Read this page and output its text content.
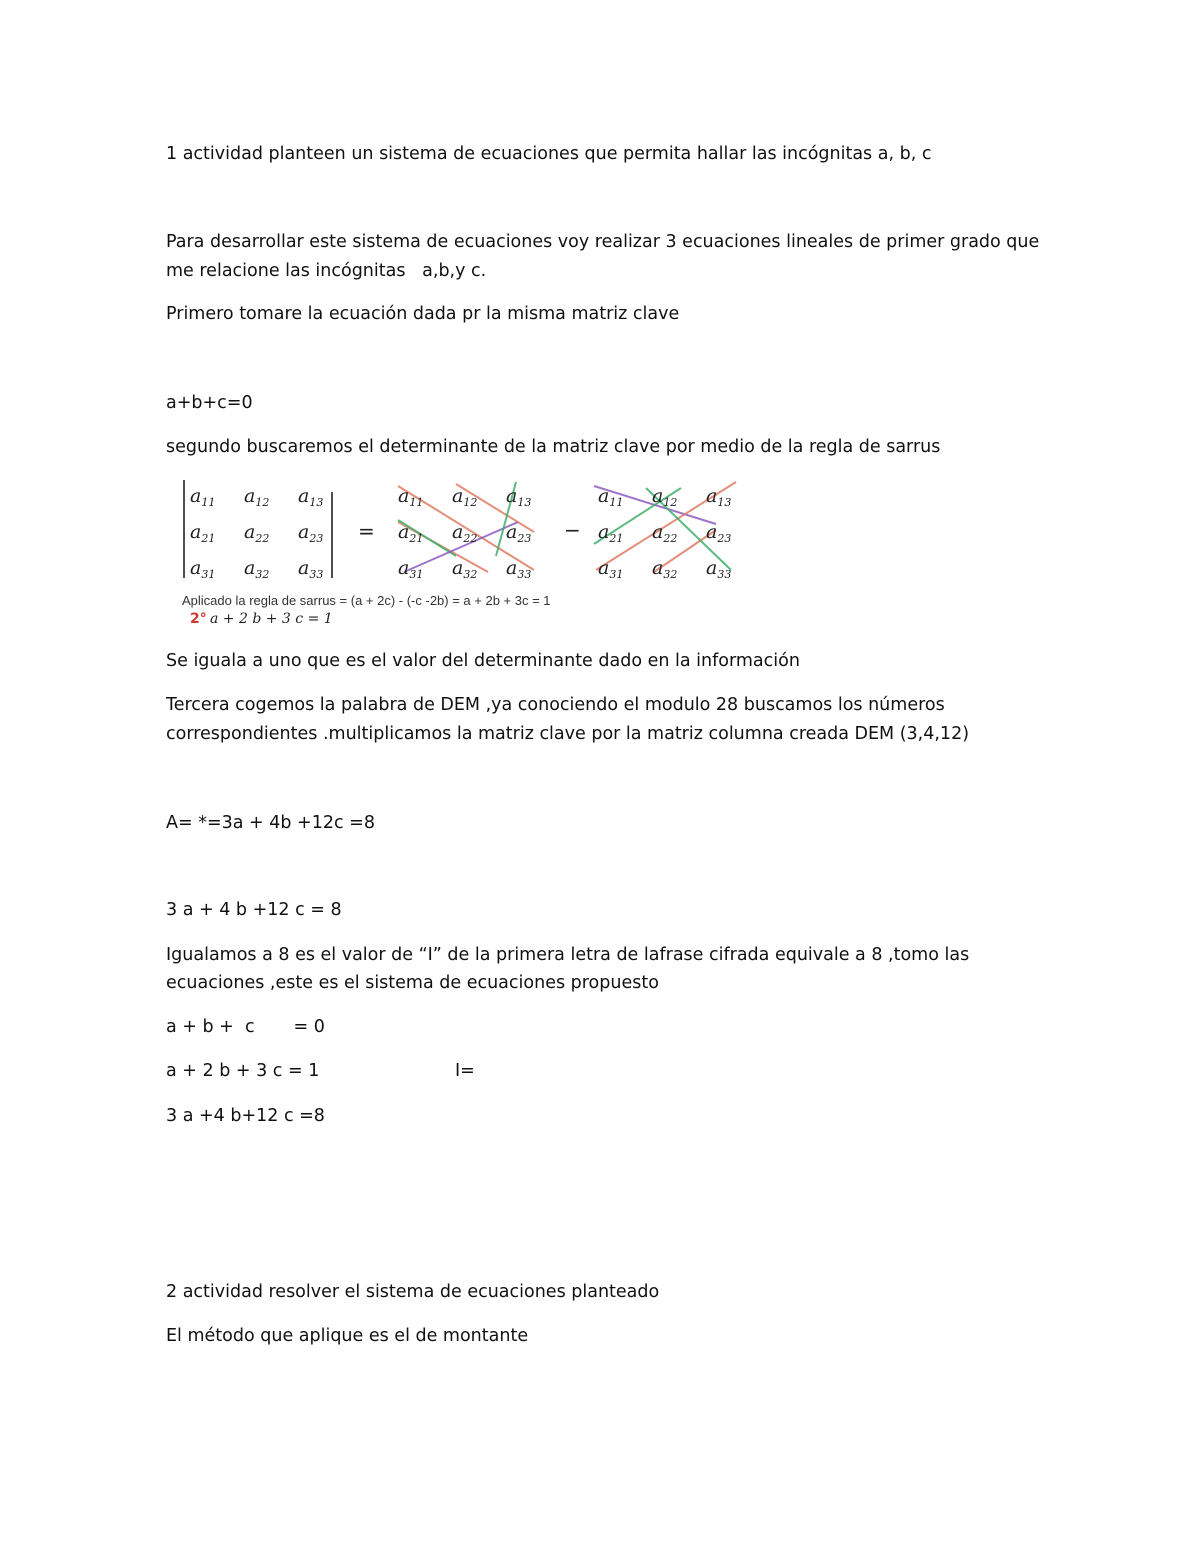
1 actividad planteen un sistema de ecuaciones que permita hallar las incógnitas a, b, c

Para desarrollar este sistema de ecuaciones voy realizar 3 ecuaciones lineales de primer grado que

me relacione las incógnitas   a,b,y c.

Primero tomare la ecuación dada pr la misma matriz clave

a+b+c=0

segundo buscaremos el determinante de la matriz clave por medio de la regla de sarrus

$a_{11}$ $a_{12}$ $a_{13}$
$a_{21}$ $a_{22}$ $a_{23}$
$a_{31}$ $a_{32}$ $a_{33}$
$a_{11}$ $a_{12}$ $a_{13}$
$a_{21}$ $a_{22}$ $a_{23}$
$a_{31}$ $a_{32}$ $a_{33}$
$a_{11}$ $a_{12}$ $a_{13}$
$a_{21}$ $a_{22}$ $a_{23}$
$a_{31}$ $a_{32}$ $a_{33}$
=	−
Aplicado la regla de sarrus = (a + 2c) - (-c -2b) = a + 2b + 3c = 1
2° a + 2 b + 3 c = 1

Se iguala a uno que es el valor del determinante dado en la información

Tercera cogemos la palabra de DEM ,ya conociendo el modulo 28 buscamos los números

correspondientes .multiplicamos la matriz clave por la matriz columna creada DEM (3,4,12)

A= *=3a + 4b +12c =8

3 a + 4 b +12 c = 8

Igualamos a 8 es el valor de “I” de la primera letra de lafrase cifrada equivale a 8 ,tomo las

ecuaciones ,este es el sistema de ecuaciones propuesto

a + b +  c       = 0

a + 2 b + 3 c = 1	I=

3 a +4 b+12 c =8

2 actividad resolver el sistema de ecuaciones planteado

El método que aplique es el de montante
